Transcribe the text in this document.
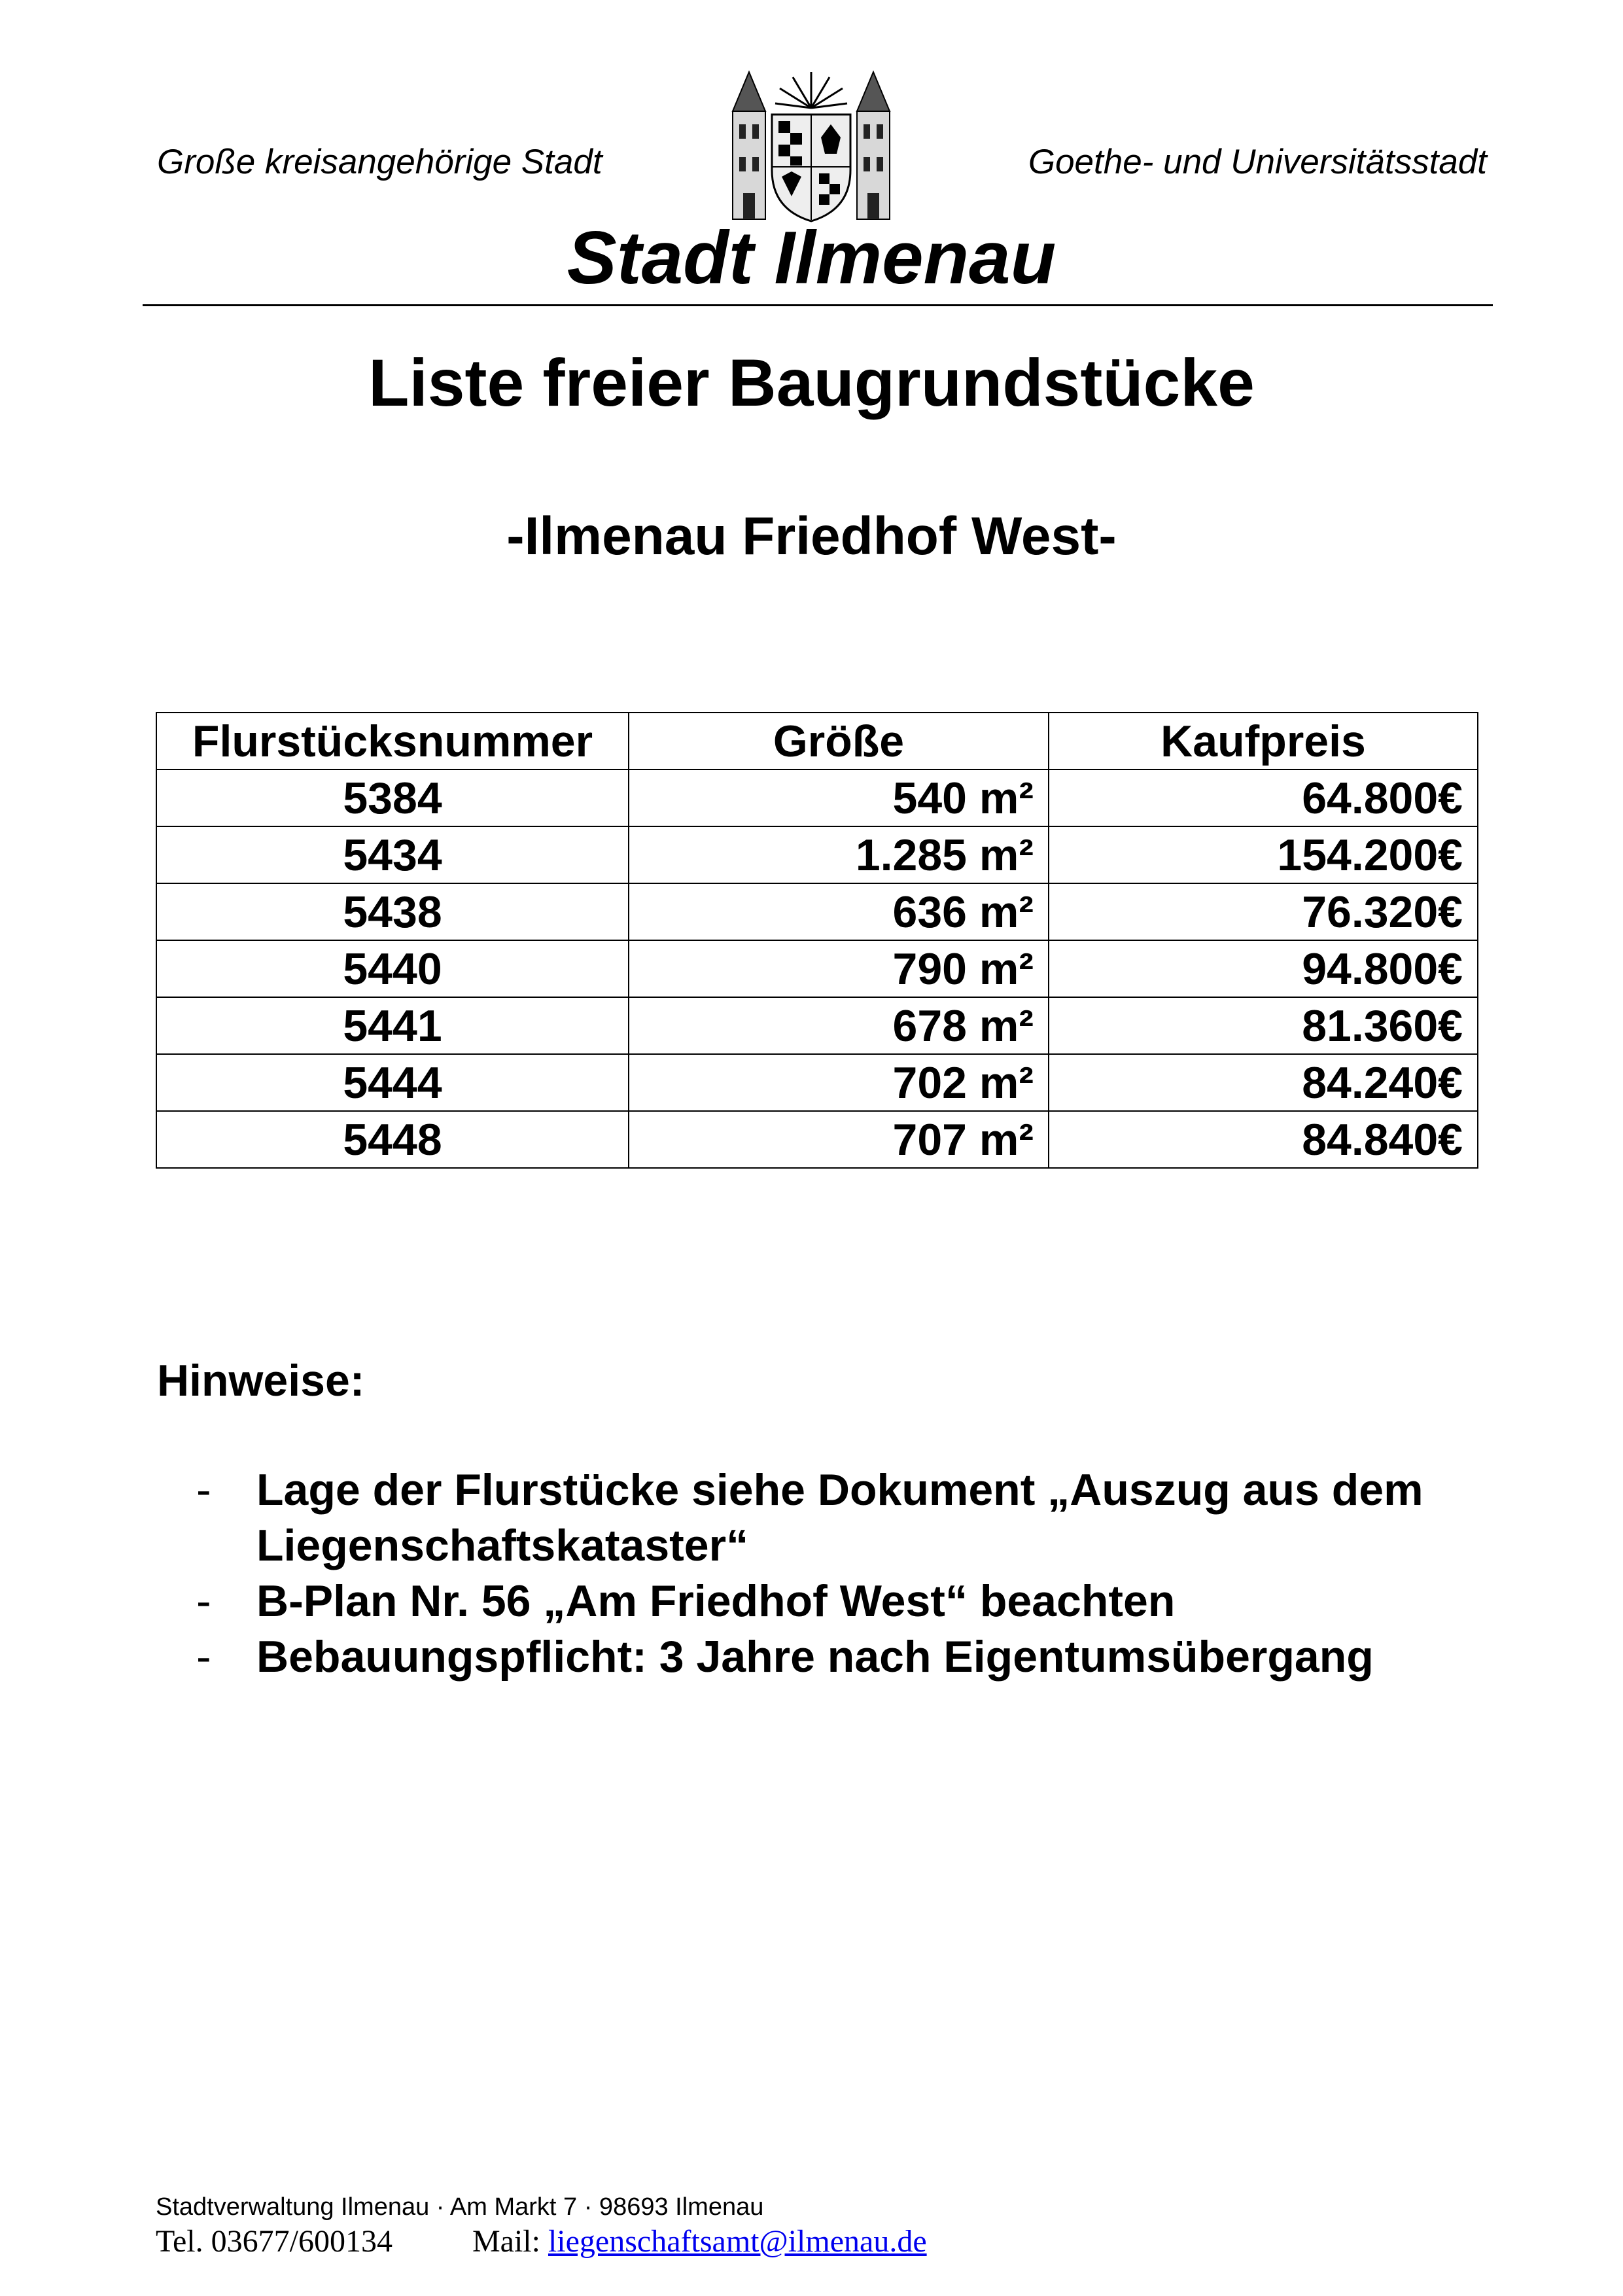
Große kreisangehörige Stadt	Goethe- und Universitätsstadt
Stadt Ilmenau
Liste freier Baugrundstücke
-Ilmenau Friedhof West-
Flurstücksnummer	Größe	Kaufpreis
5384	540 m²	64.800€
5434	1.285 m²	154.200€
5438	636 m²	76.320€
5440	790 m²	94.800€
5441	678 m²	81.360€
5444	702 m²	84.240€
5448	707 m²	84.840€
Hinweise:
-	Lage der Flurstücke siehe Dokument „Auszug aus dem Liegenschaftskataster“
-	B-Plan Nr. 56 „Am Friedhof West“ beachten
-	Bebauungspflicht: 3 Jahre nach Eigentumsübergang
Stadtverwaltung Ilmenau · Am Markt 7 · 98693 Ilmenau
Tel. 03677/600134	Mail: liegenschaftsamt@ilmenau.de
